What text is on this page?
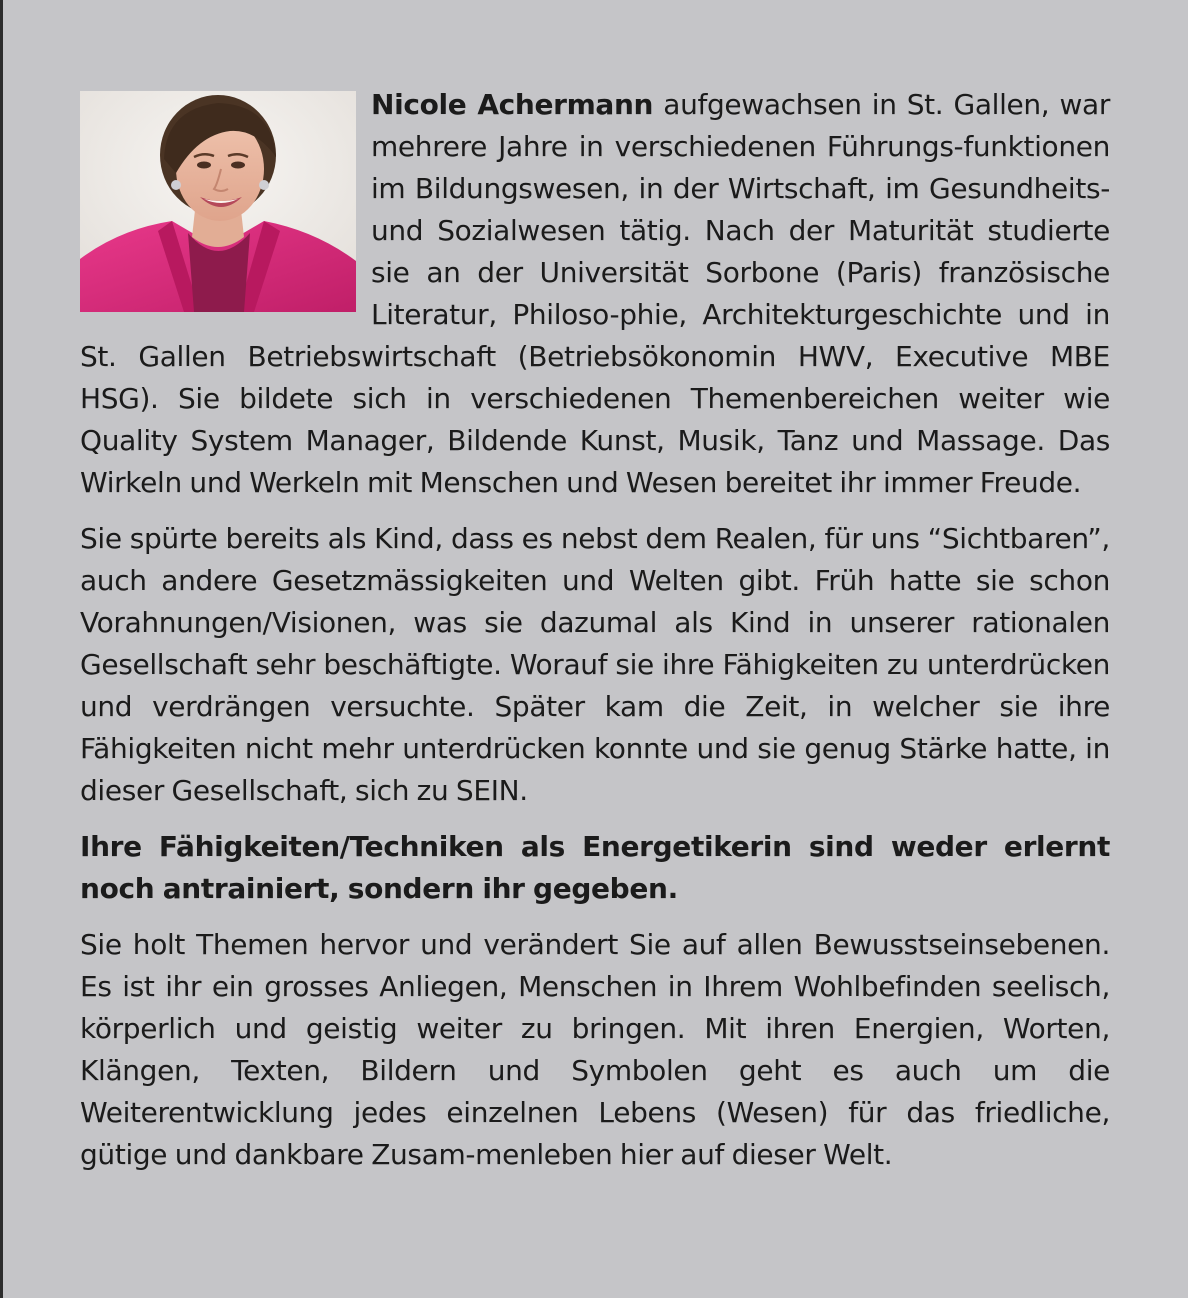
Nicole Achermann aufgewachsen in St. Gallen, war mehrere Jahre in verschiedenen Führungs-funktionen im Bildungswesen, in der Wirtschaft, im Gesundheits- und Sozialwesen tätig. Nach der Maturität studierte sie an der Universität Sorbone (Paris) französische Literatur, Philoso-phie, Architekturgeschichte und in St. Gallen Betriebswirtschaft (Betriebsökonomin HWV, Executive MBE HSG). Sie bildete sich in verschiedenen Themenbereichen weiter wie Quality System Manager, Bildende Kunst, Musik, Tanz und Massage. Das Wirkeln und Werkeln mit Menschen und Wesen bereitet ihr immer Freude.

Sie spürte bereits als Kind, dass es nebst dem Realen, für uns “Sichtbaren”, auch andere Gesetzmässigkeiten und Welten gibt. Früh hatte sie schon Vorahnungen/Visionen, was sie dazumal als Kind in unserer rationalen Gesellschaft sehr beschäftigte. Worauf sie ihre Fähigkeiten zu unterdrücken und verdrängen versuchte. Später kam die Zeit, in welcher sie ihre Fähigkeiten nicht mehr unterdrücken konnte und sie genug Stärke hatte, in dieser Gesellschaft, sich zu SEIN.

Ihre Fähigkeiten/Techniken als Energetikerin sind weder erlernt noch antrainiert, sondern ihr gegeben.

Sie holt Themen hervor und verändert Sie auf allen Bewusstseinsebenen. Es ist ihr ein grosses Anliegen, Menschen in Ihrem Wohlbefinden seelisch, körperlich und geistig weiter zu bringen. Mit ihren Energien, Worten, Klängen, Texten, Bildern und Symbolen geht es auch um die Weiterentwicklung jedes einzelnen Lebens (Wesen) für das friedliche, gütige und dankbare Zusam-menleben hier auf dieser Welt.
